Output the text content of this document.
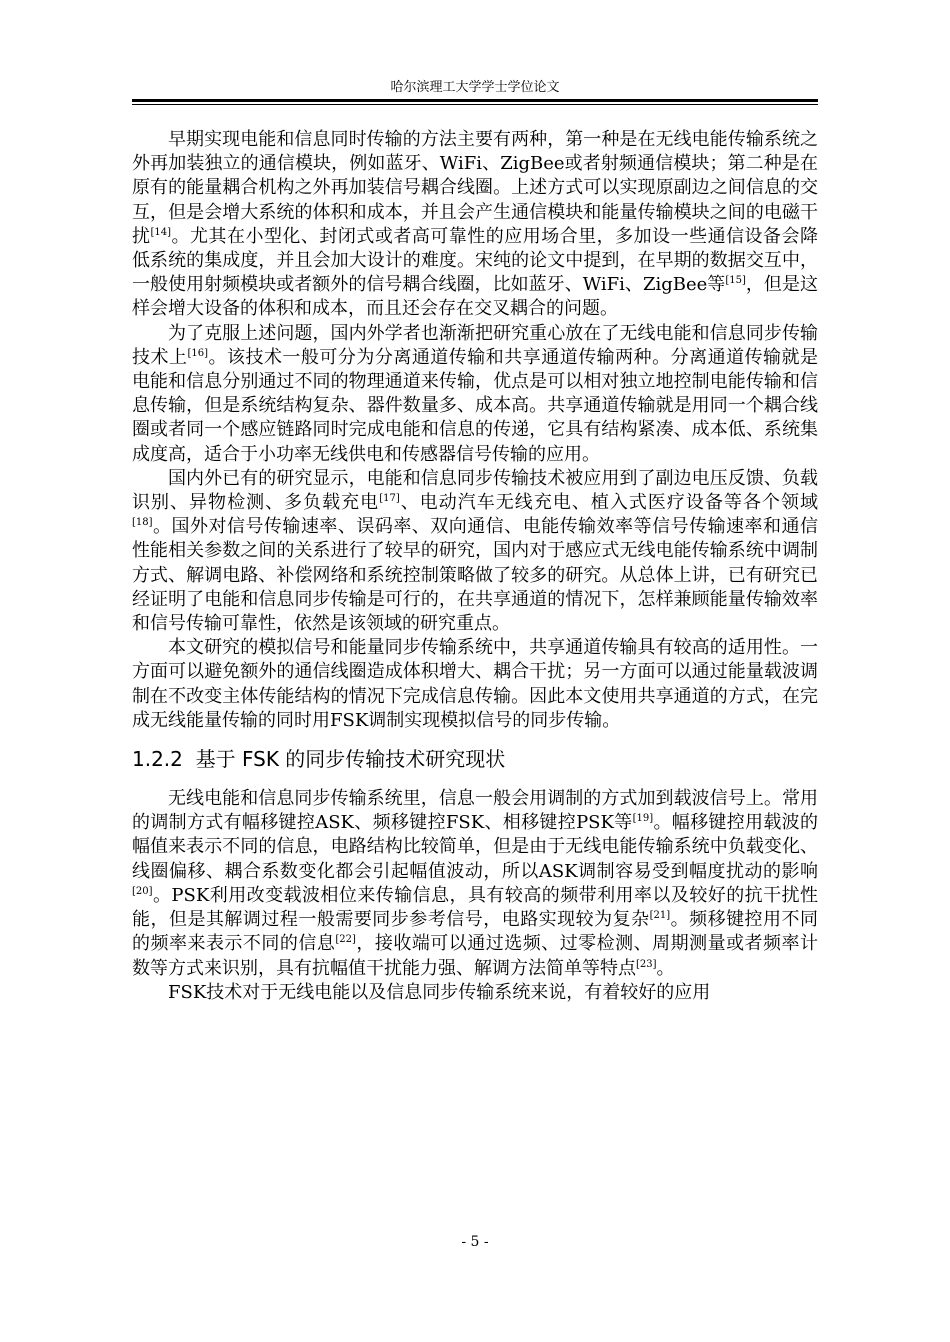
哈尔滨理工大学学士学位论文

早期实现电能和信息同时传输的方法主要有两种，第一种是在无线电能传输系统之外再加装独立的通信模块，例如蓝牙、WiFi、ZigBee或者射频通信模块；第二种是在原有的能量耦合机构之外再加装信号耦合线圈。上述方式可以实现原副边之间信息的交互，但是会增大系统的体积和成本，并且会产生通信模块和能量传输模块之间的电磁干扰[14]。尤其在小型化、封闭式或者高可靠性的应用场合里，多加设一些通信设备会降低系统的集成度，并且会加大设计的难度。宋纯的论文中提到，在早期的数据交互中，一般使用射频模块或者额外的信号耦合线圈，比如蓝牙、WiFi、ZigBee等[15]，但是这样会增大设备的体积和成本，而且还会存在交叉耦合的问题。

为了克服上述问题，国内外学者也渐渐把研究重心放在了无线电能和信息同步传输技术上[16]。该技术一般可分为分离通道传输和共享通道传输两种。分离通道传输就是电能和信息分别通过不同的物理通道来传输，优点是可以相对独立地控制电能传输和信息传输，但是系统结构复杂、器件数量多、成本高。共享通道传输就是用同一个耦合线圈或者同一个感应链路同时完成电能和信息的传递，它具有结构紧凑、成本低、系统集成度高，适合于小功率无线供电和传感器信号传输的应用。

国内外已有的研究显示，电能和信息同步传输技术被应用到了副边电压反馈、负载识别、异物检测、多负载充电[17]、电动汽车无线充电、植入式医疗设备等各个领域[18]。国外对信号传输速率、误码率、双向通信、电能传输效率等信号传输速率和通信性能相关参数之间的关系进行了较早的研究，国内对于感应式无线电能传输系统中调制方式、解调电路、补偿网络和系统控制策略做了较多的研究。从总体上讲，已有研究已经证明了电能和信息同步传输是可行的，在共享通道的情况下，怎样兼顾能量传输效率和信号传输可靠性，依然是该领域的研究重点。

本文研究的模拟信号和能量同步传输系统中，共享通道传输具有较高的适用性。一方面可以避免额外的通信线圈造成体积增大、耦合干扰；另一方面可以通过能量载波调制在不改变主体传能结构的情况下完成信息传输。因此本文使用共享通道的方式，在完成无线能量传输的同时用FSK调制实现模拟信号的同步传输。

1.2.2 基于 FSK 的同步传输技术研究现状

无线电能和信息同步传输系统里，信息一般会用调制的方式加到载波信号上。常用的调制方式有幅移键控ASK、频移键控FSK、相移键控PSK等[19]。幅移键控用载波的幅值来表示不同的信息，电路结构比较简单，但是由于无线电能传输系统中负载变化、线圈偏移、耦合系数变化都会引起幅值波动，所以ASK调制容易受到幅度扰动的影响[20]。PSK利用改变载波相位来传输信息，具有较高的频带利用率以及较好的抗干扰性能，但是其解调过程一般需要同步参考信号，电路实现较为复杂[21]。频移键控用不同的频率来表示不同的信息[22]，接收端可以通过选频、过零检测、周期测量或者频率计数等方式来识别，具有抗幅值干扰能力强、解调方法简单等特点[23]。

FSK技术对于无线电能以及信息同步传输系统来说，有着较好的应用

- 5 -
